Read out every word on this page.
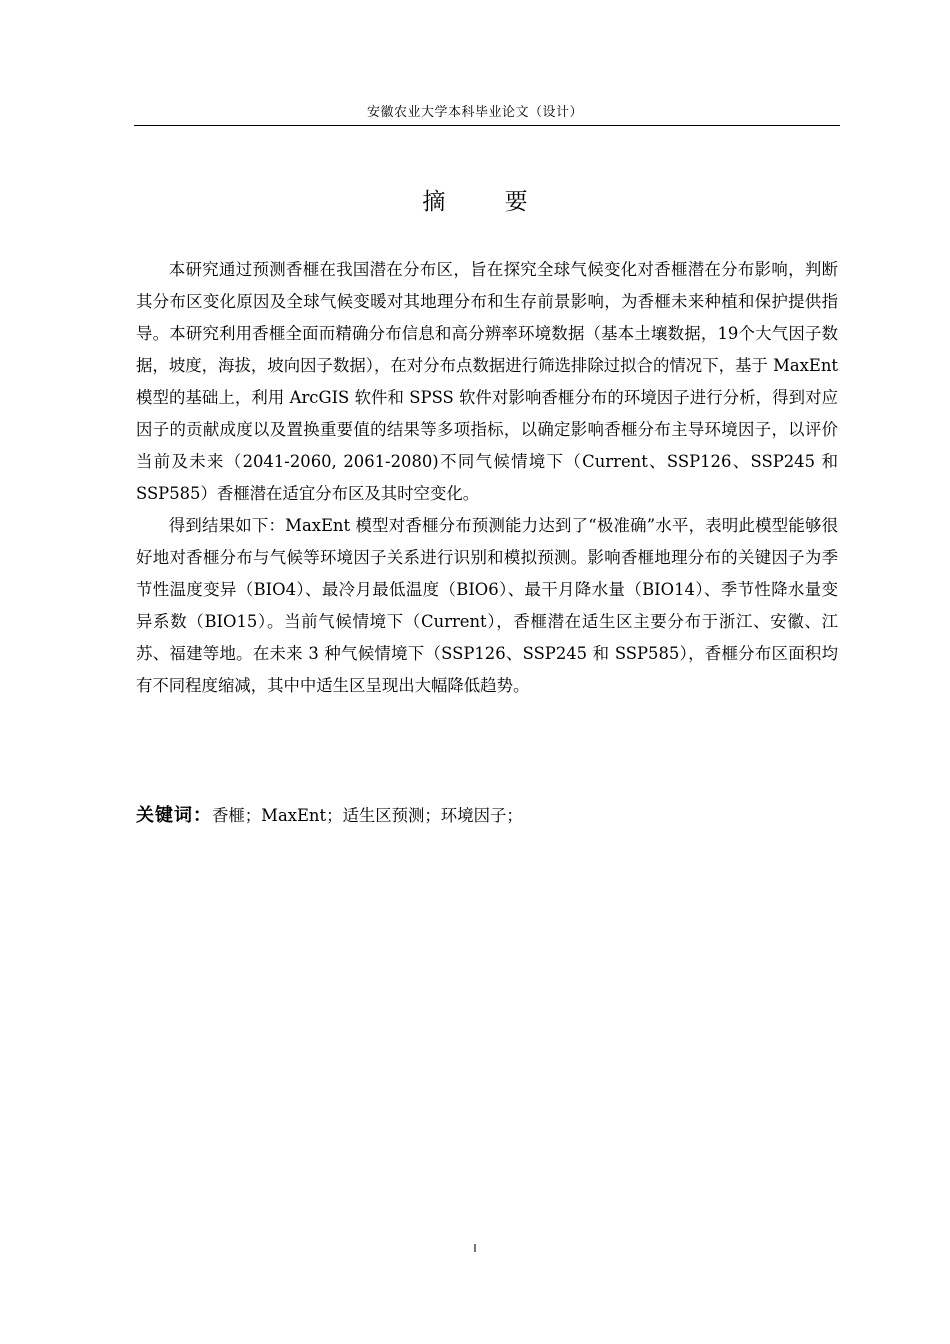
安徽农业大学本科毕业论文（设计）
摘 要

本研究通过预测香榧在我国潜在分布区，旨在探究全球气候变化对香榧潜在分布影响，判断其分布区变化原因及全球气候变暖对其地理分布和生存前景影响，为香榧未来种植和保护提供指导。本研究利用香榧全面而精确分布信息和高分辨率环境数据（基本土壤数据，19个大气因子数据，坡度，海拔，坡向因子数据），在对分布点数据进行筛选排除过拟合的情况下，基于 MaxEnt 模型的基础上，利用 ArcGIS 软件和 SPSS 软件对影响香榧分布的环境因子进行分析，得到对应因子的贡献成度以及置换重要值的结果等多项指标，以确定影响香榧分布主导环境因子，以评价当前及未来（2041-2060, 2061-2080)不同气候情境下（Current、SSP126、SSP245 和 SSP585）香榧潜在适宜分布区及其时空变化。

得到结果如下：MaxEnt 模型对香榧分布预测能力达到了“极准确”水平，表明此模型能够很好地对香榧分布与气候等环境因子关系进行识别和模拟预测。影响香榧地理分布的关键因子为季节性温度变异（BIO4）、最冷月最低温度（BIO6）、最干月降水量（BIO14）、季节性降水量变异系数（BIO15）。当前气候情境下（Current），香榧潜在适生区主要分布于浙江、安徽、江苏、福建等地。在未来 3 种气候情境下（SSP126、SSP245 和 SSP585），香榧分布区面积均有不同程度缩减，其中中适生区呈现出大幅降低趋势。

关键词：香榧；MaxEnt；适生区预测；环境因子；
I
